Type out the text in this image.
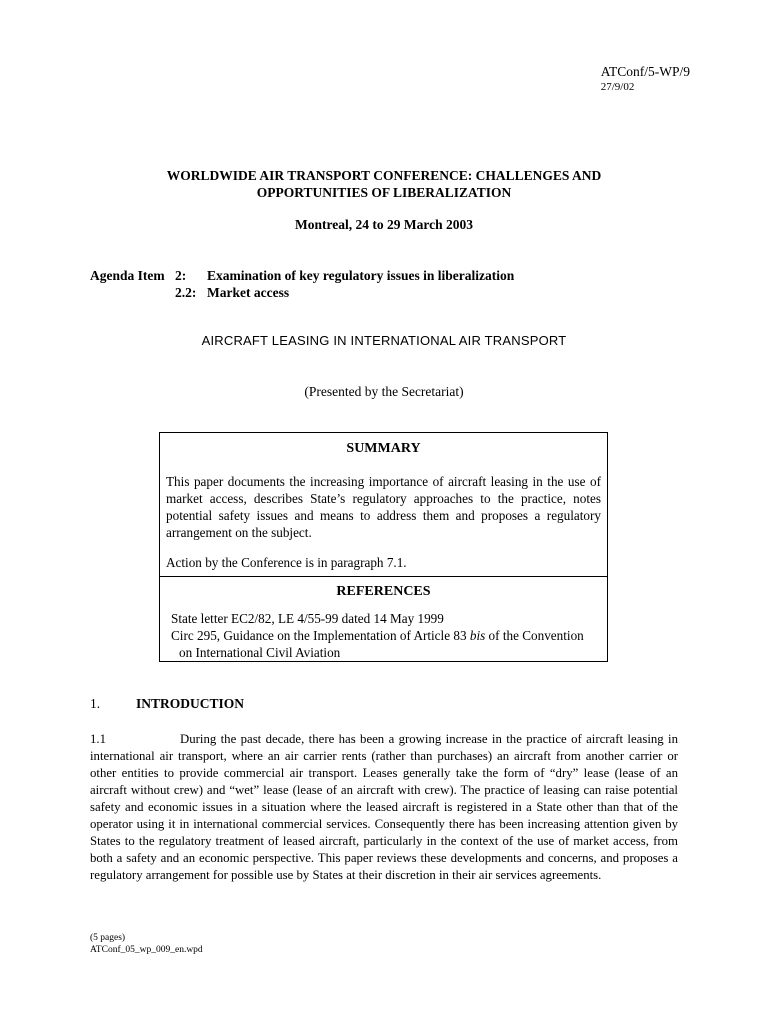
ATConf/5-WP/9
27/9/02
WORLDWIDE AIR TRANSPORT CONFERENCE: CHALLENGES AND
OPPORTUNITIES OF LIBERALIZATION
Montreal, 24 to 29 March 2003
Agenda Item 2:	Examination of key regulatory issues in liberalization
2.2: Market access
AIRCRAFT LEASING IN INTERNATIONAL AIR TRANSPORT
(Presented by the Secretariat)
SUMMARY
This paper documents the increasing importance of aircraft leasing in the use of market access, describes State’s regulatory approaches to the practice, notes potential safety issues and means to address them and proposes a regulatory arrangement on the subject.
Action by the Conference is in paragraph 7.1.
REFERENCES
State letter EC2/82, LE 4/55-99 dated 14 May 1999
Circ 295, Guidance on the Implementation of Article 83 bis of the Convention
on International Civil Aviation
1.	INTRODUCTION
1.1	During the past decade, there has been a growing increase in the practice of aircraft leasing in international air transport, where an air carrier rents (rather than purchases) an aircraft from another carrier or other entities to provide commercial air transport. Leases generally take the form of “dry” lease (lease of an aircraft without crew) and “wet” lease (lease of an aircraft with crew). The practice of leasing can raise potential safety and economic issues in a situation where the leased aircraft is registered in a State other than that of the operator using it in international commercial services. Consequently there has been increasing attention given by States to the regulatory treatment of leased aircraft, particularly in the context of the use of market access, from both a safety and an economic perspective. This paper reviews these developments and concerns, and proposes a regulatory arrangement for possible use by States at their discretion in their air services agreements.
(5 pages)
ATConf_05_wp_009_en.wpd
